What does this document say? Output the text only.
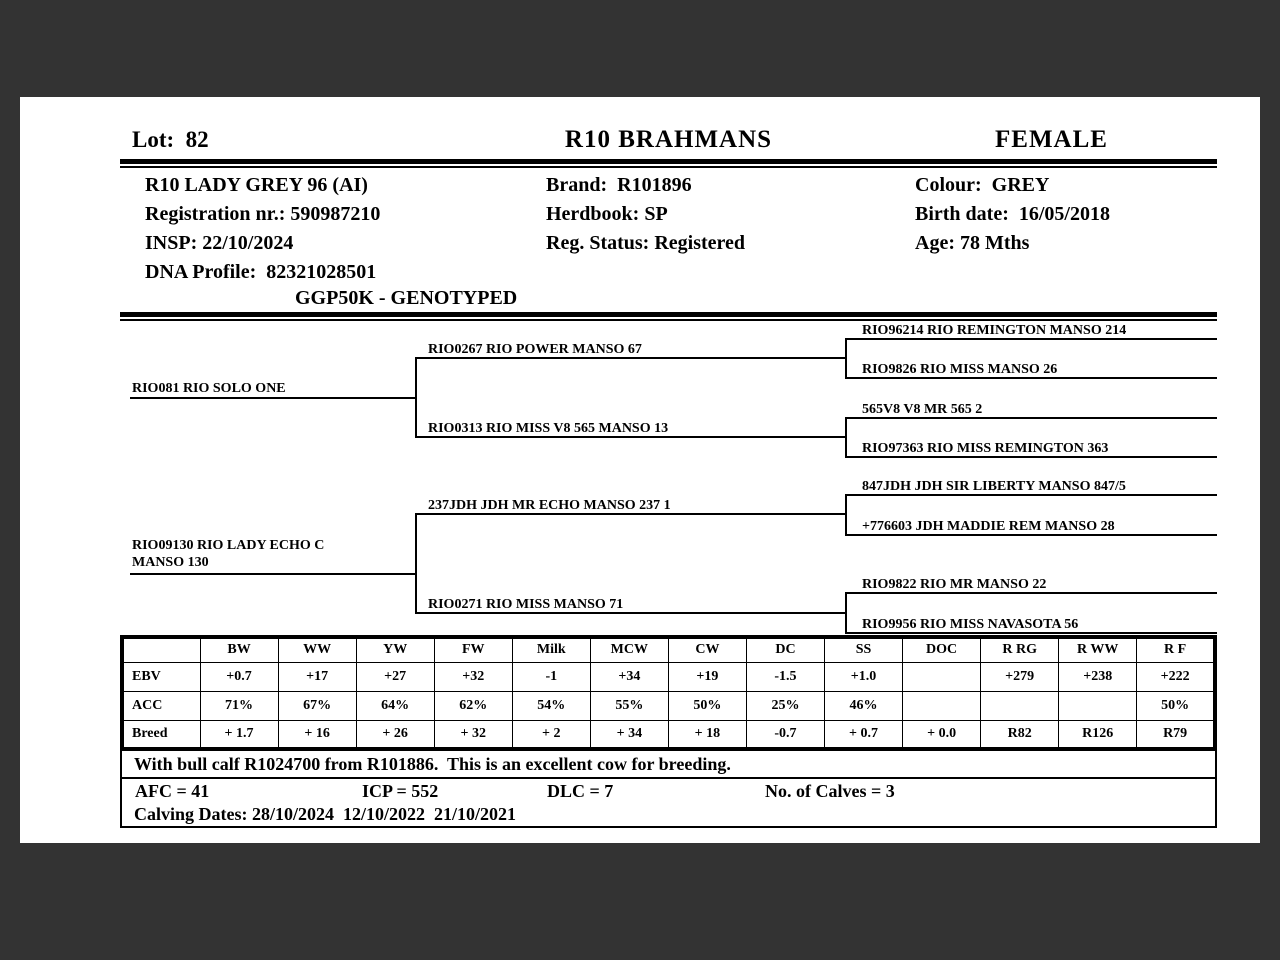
Lot:  82	R10 BRAHMANS	FEMALE
R10 LADY GREY 96 (AI)
Registration nr.: 590987210
INSP: 22/10/2024
DNA Profile:  82321028501
GGP50K - GENOTYPED
Brand:  R101896
Herdbook: SP
Reg. Status: Registered
Colour:  GREY
Birth date:  16/05/2018
Age: 78 Mths
RIO081 RIO SOLO ONE
RIO09130 RIO LADY ECHO C MANSO 130
RIO0267 RIO POWER MANSO 67
RIO0313 RIO MISS V8 565 MANSO 13
237JDH JDH MR ECHO MANSO 237 1
RIO0271 RIO MISS MANSO 71
RIO96214 RIO REMINGTON MANSO 214
RIO9826 RIO MISS MANSO 26
565V8 V8 MR 565 2
RIO97363 RIO MISS REMINGTON 363
847JDH JDH SIR LIBERTY MANSO 847/5
+776603 JDH MADDIE REM MANSO 28
RIO9822 RIO MR MANSO 22
RIO9956 RIO MISS NAVASOTA 56
	BW	WW	YW	FW	Milk	MCW	CW	DC	SS	DOC	R RG	R WW	R F
EBV	+0.7	+17	+27	+32	-1	+34	+19	-1.5	+1.0		+279	+238	+222
ACC	71%	67%	64%	62%	54%	55%	50%	25%	46%				50%
Breed	+ 1.7	+ 16	+ 26	+ 32	+ 2	+ 34	+ 18	-0.7	+ 0.7	+ 0.0	R82	R126	R79
With bull calf R1024700 from R101886.  This is an excellent cow for breeding.
AFC = 41	ICP = 552	DLC = 7	No. of Calves = 3
Calving Dates: 28/10/2024  12/10/2022  21/10/2021
